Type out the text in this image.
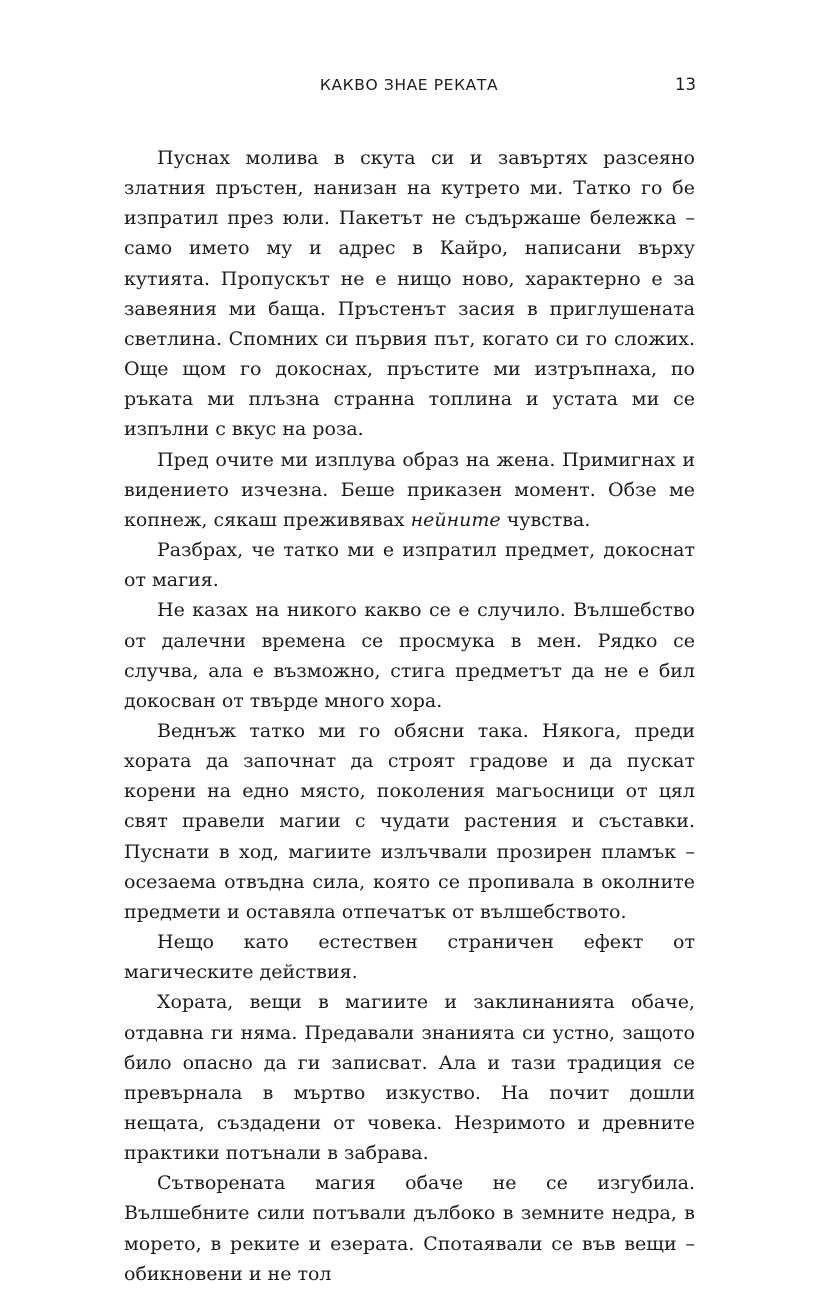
КАКВО ЗНАЕ РЕКАТА	13

Пуснах молива в скута си и завъртях разсеяно златния пръстен, нанизан на кутрето ми. Татко го бе изпратил през юли. Пакетът не съдържаше бележка – само името му и адрес в Кайро, написани върху кутията. Пропускът не е нищо ново, характерно е за завеяния ми баща. Пръстенът засия в приглушената светлина. Спомних си първия път, когато си го сложих. Още щом го докоснах, пръстите ми изтръпнаха, по ръката ми плъзна странна топлина и устата ми се изпълни с вкус на роза.

Пред очите ми изплува образ на жена. Примигнах и видението изчезна. Беше приказен момент. Обзе ме копнеж, сякаш преживявах нейните чувства.

Разбрах, че татко ми е изпратил предмет, докоснат от магия.

Не казах на никого какво се е случило. Вълшебство от далечни времена се просмука в мен. Рядко се случва, ала е възможно, стига предметът да не е бил докосван от твърде много хора.

Веднъж татко ми го обясни така. Някога, преди хората да започнат да строят градове и да пускат корени на едно място, поколения магьосници от цял свят правели магии с чудати растения и съставки. Пуснати в ход, магиите излъчвали прозирен пламък – осезаема отвъдна сила, която се пропивала в околните предмети и оставяла отпечатък от вълшебството.

Нещо като естествен страничен ефект от магическите действия.

Хората, вещи в магиите и заклинанията обаче, отдавна ги няма. Предавали знанията си устно, защото било опасно да ги записват. Ала и тази традиция се превърнала в мъртво изкуство. На почит дошли нещата, създадени от човека. Незримото и древните практики потънали в забрава.

Сътворената магия обаче не се изгубила. Вълшебните сили потъвали дълбоко в земните недра, в морето, в реките и езерата. Спотаявали се във вещи – обикновени и не тол
